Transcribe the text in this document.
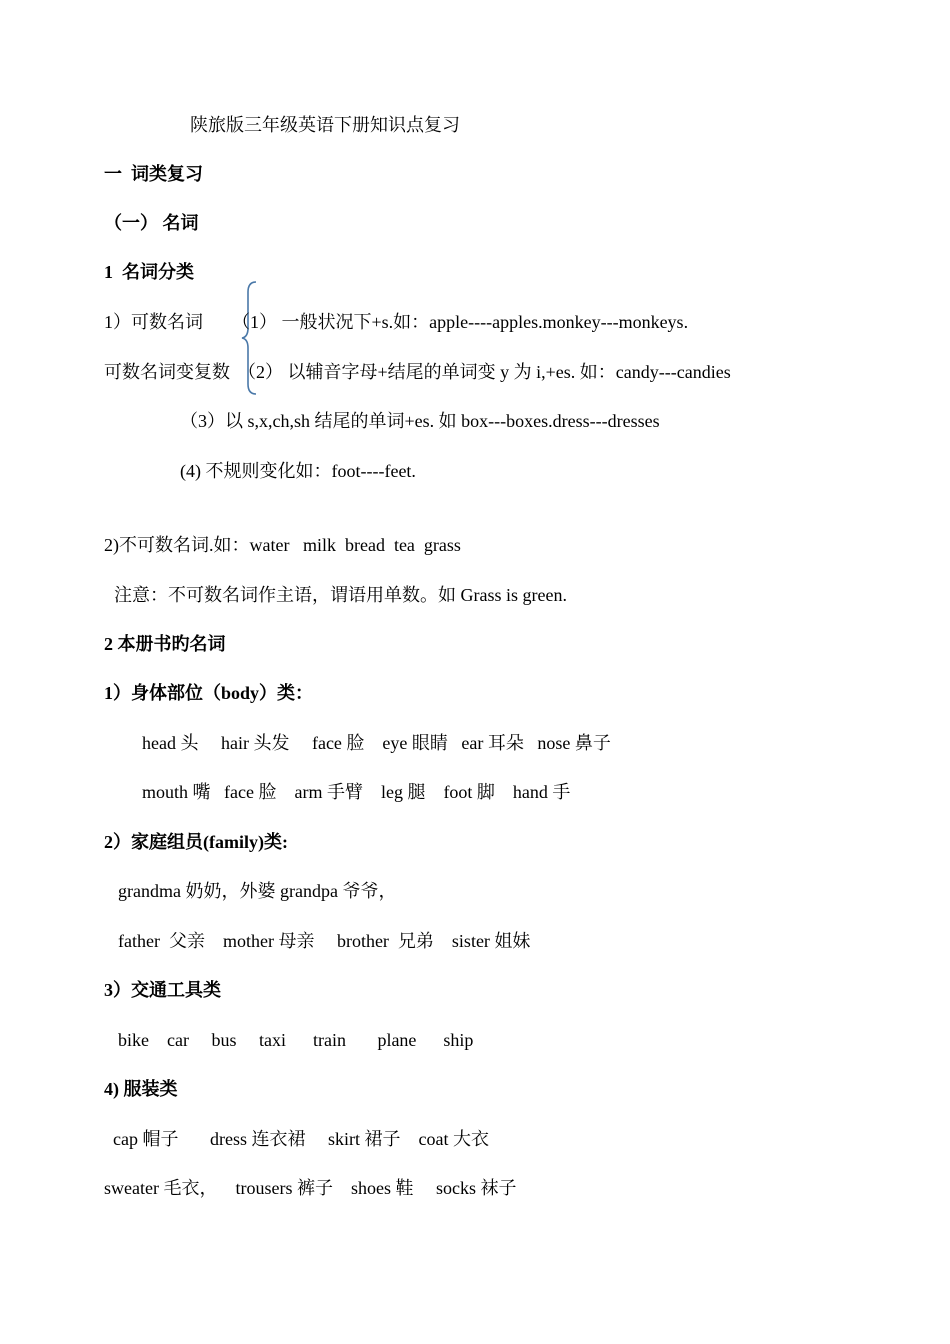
陕旅版三年级英语下册知识点复习
一  词类复习
（一） 名词
1  名词分类
1）可数名词
可数名词变复数
（1） 一般状况下+s.如：apple----apples.monkey---monkeys.
（2） 以辅音字母+结尾的单词变 y 为 i,+es. 如：candy---candies
（3）以 s,x,ch,sh 结尾的单词+es. 如 box---boxes.dress---dresses
(4) 不规则变化如：foot----feet.
2)不可数名词.如：water   milk  bread  tea  grass
注意：不可数名词作主语，谓语用单数。如 Grass is green.
2 本册书旳名词
1）身体部位（body）类：
head 头     hair 头发     face 脸    eye 眼睛   ear 耳朵   nose 鼻子
mouth 嘴   face 脸    arm 手臂    leg 腿    foot 脚    hand 手
2）家庭组员(family)类:
grandma 奶奶，外婆 grandpa 爷爷，
father  父亲    mother 母亲     brother  兄弟    sister 姐妹
3）交通工具类
bike    car     bus     taxi      train       plane      ship
4) 服装类
cap 帽子       dress 连衣裙     skirt 裙子    coat 大衣
sweater 毛衣，    trousers 裤子    shoes 鞋     socks 袜子
